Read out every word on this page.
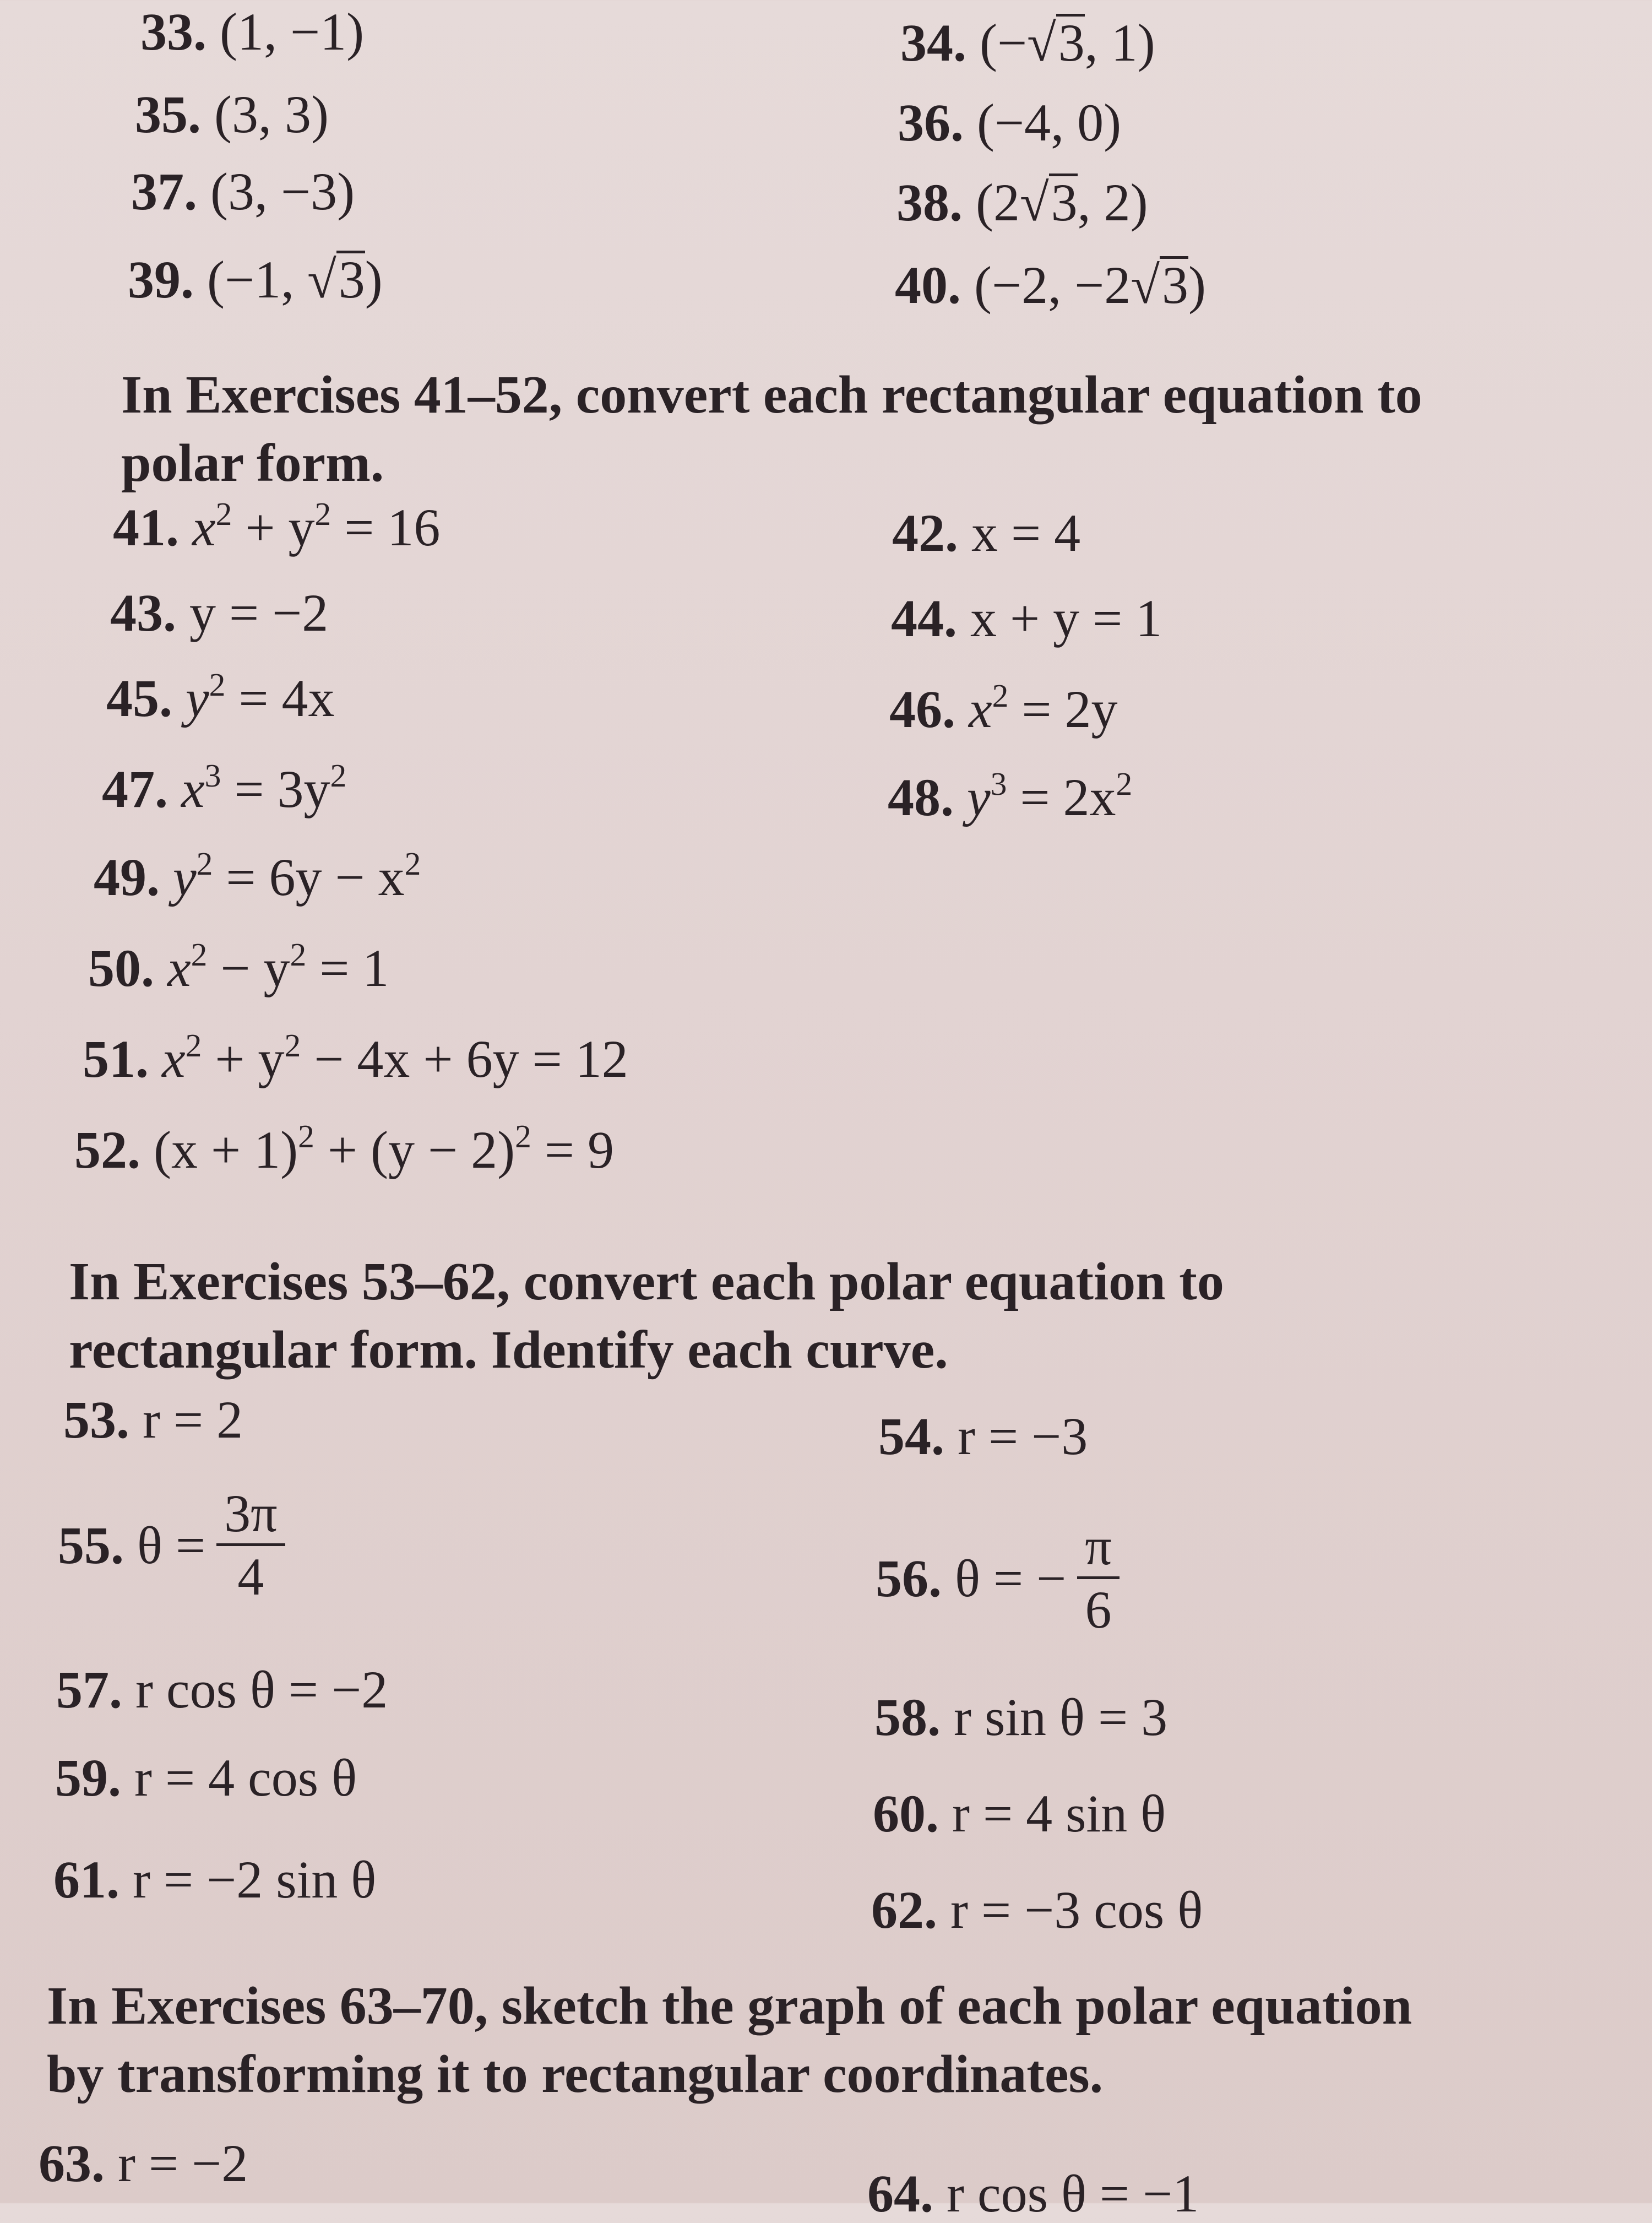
33. (1, −1)	34. (−√3, 1)
35. (3, 3)	36. (−4, 0)
37. (3, −3)	38. (2√3, 2)
39. (−1, √3)	40. (−2, −2√3)
In Exercises 41–52, convert each rectangular equation to
polar form.
41. $x^2 + y^2 = 16$	42. x = 4
43. y = −2	44. x + y = 1
45. $y^2 = 4x$	46. $x^2 = 2y$
47. $x^3 = 3y^2$	48. $y^3 = 2x^2$
49. $y^2 = 6y - x^2$
50. $x^2 - y^2 = 1$
51. $x^2 + y^2 - 4x + 6y = 12$
52. $(x + 1)^2 + (y - 2)^2 = 9$
In Exercises 53–62, convert each polar equation to
rectangular form. Identify each curve.
53. r = 2	54. r = −3
55. $\theta = \frac{3\pi}{4}$	56. θ = − $\frac{\pi}{6}$
57. r cos θ = −2	58. r sin θ = 3
59. r = 4 cos θ
60. r = 4 sin θ
61. r = −2 sin θ
62. r = −3 cos θ
In Exercises 63–70, sketch the graph of each polar equation
by transforming it to rectangular coordinates.
63. r = −2
64. r cos θ = −1
